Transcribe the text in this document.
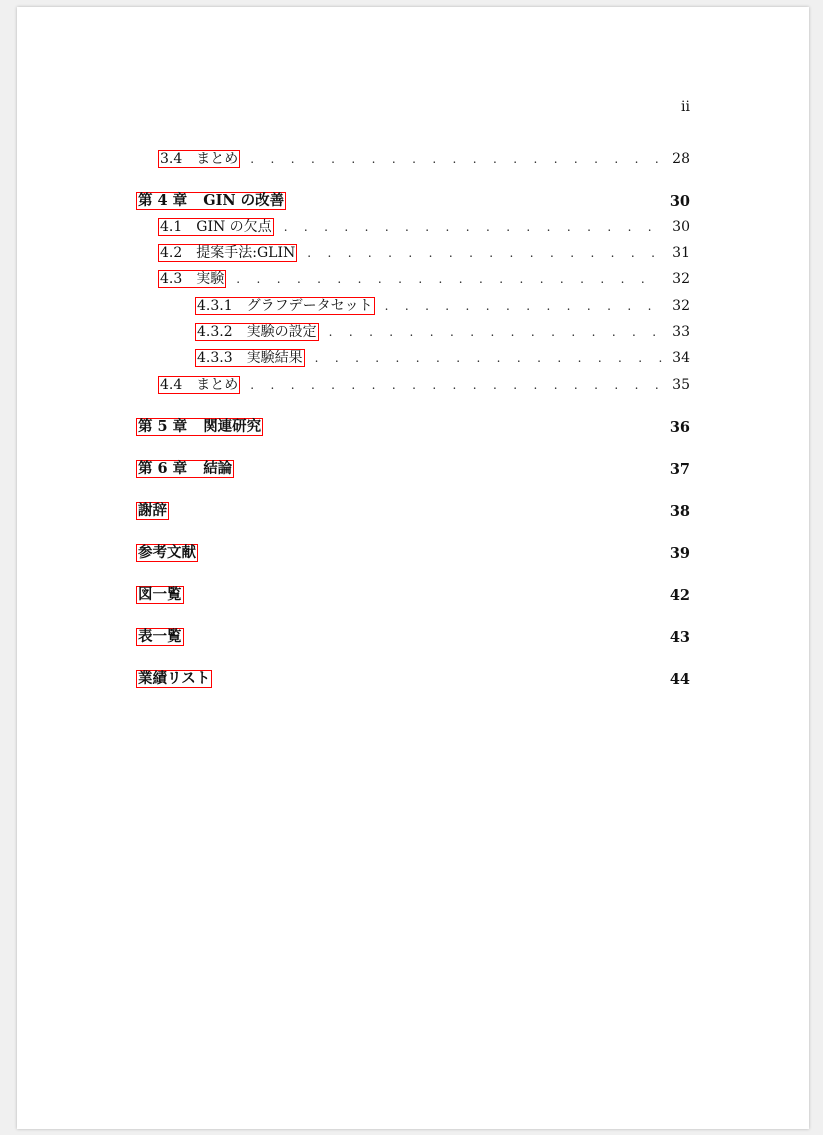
ii
3.4 まとめ . . .	28
第 4 章 GIN の改善	30
4.1 GIN の欠点 . . .	30
4.2 提案手法:GLIN . . .	31
4.3 実験 . . .	32
4.3.1 グラフデータセット . . .	32
4.3.2 実験の設定 . . .	33
4.3.3 実験結果 . . .	34
4.4 まとめ . . .	35
第 5 章 関連研究	36
第 6 章 結論	37
謝辞	38
参考文献	39
図一覧	42
表一覧	43
業績リスト	44
